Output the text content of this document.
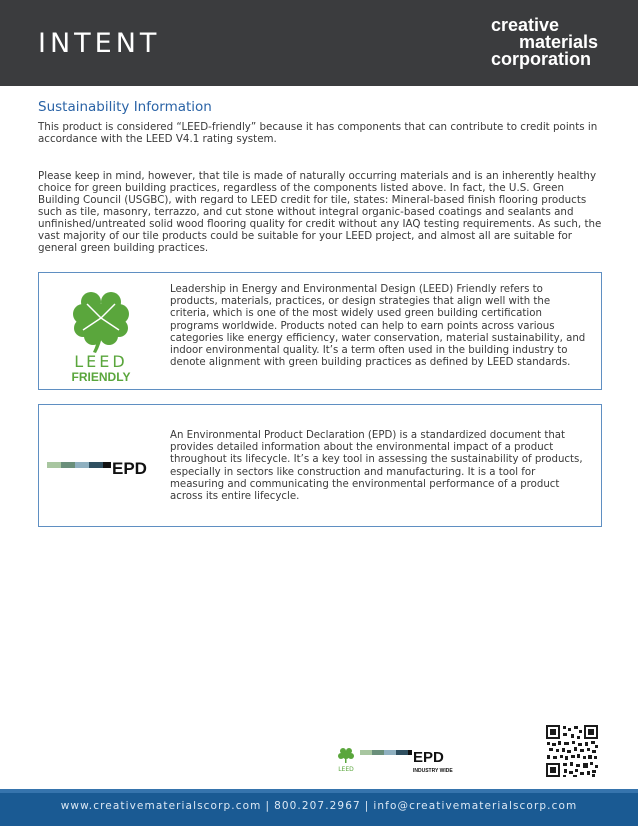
INTENT
creative
materials
corporation
Sustainability Information
This product is considered “LEED-friendly” because it has components that can contribute to credit points in accordance with the LEED V4.1 rating system.
Please keep in mind, however, that tile is made of naturally occurring materials and is an inherently healthy choice for green building practices, regardless of the components listed above. In fact, the U.S. Green Building Council (USGBC), with regard to LEED credit for tile, states: Mineral-based finish flooring products such as tile, masonry, terrazzo, and cut stone without integral organic-based coatings and sealants and unfinished/untreated solid wood flooring quality for credit without any IAQ testing requirements. As such, the vast majority of our tile products could be suitable for your LEED project, and almost all are suitable for general green building practices.
LEED
FRIENDLY
Leadership in Energy and Environmental Design (LEED) Friendly refers to products, materials, practices, or design strategies that align well with the criteria, which is one of the most widely used green building certification programs worldwide. Products noted can help to earn points across various categories like energy efficiency, water conservation, material sustainability, and indoor environmental quality. It’s a term often used in the building industry to denote alignment with green building practices as defined by LEED standards.
EPD
An Environmental Product Declaration (EPD) is a standardized document that provides detailed information about the environmental impact of a product throughout its lifecycle. It’s a key tool in assessing the sustainability of products, especially in sectors like construction and manufacturing. It is a tool for measuring and communicating the environmental performance of a product across its entire lifecycle.
LEED
EPD
INDUSTRY WIDE
www.creativematerialscorp.com | 800.207.2967 | info@creativematerialscorp.com
